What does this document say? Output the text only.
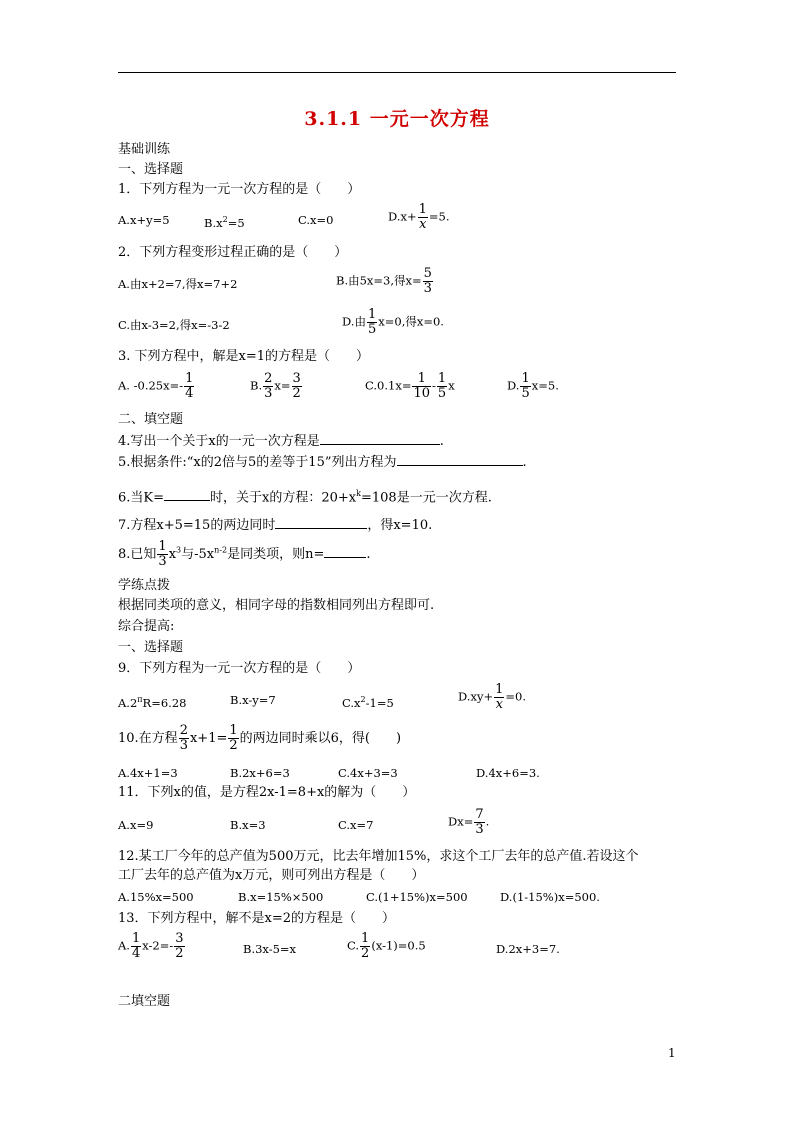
3.1.1 一元一次方程
基础训练
一、选择题
1．下列方程为一元一次方程的是（　　）
A.x+y=5	$B.x^2=5$	C.x=0	$D.x+ \frac{1}{x} =5$.
2．下列方程变形过程正确的是（　　）
A.由x+2=7,得x=7+2	B.由5x=3,得$x= \frac{5}{3}$
C.由x-3=2,得x=-3-2	D.由 $\frac{1}{5} x=0$,得x=0.
3. 下列方程中，解是x=1的方程是（　　）
A. $-0.25x=- \frac{1}{4}$	B. $\frac{2}{3} x= \frac{3}{2}$	$C.0.1x= \frac{1}{10} - \frac{1}{5}$ x	D. $\frac{1}{5} x=5$.
二、填空题
4.写出一个关于x的一元一次方程是	.
5.根据条件:“x的2倍与5的差等于15”列出方程为	.
6.当K=	时，关于x的方程：$20+x^k=108$是一元一次方程.
7.方程x+5=15的两边同时	，得x=10.
8.已知 $\frac{1}{3} x^3$与$-5x^{n-2}$是同类项，则n=	.
学练点拨
根据同类项的意义，相同字母的指数相同列出方程即可.
综合提高:
一、选择题
9．下列方程为一元一次方程的是（　　）
$A.2^\pi R=6.28$	B.x-y=7	$C.x^2-1=5$	$D.xy+ \frac{1}{x} =0$.
10.在方程 $\frac{2}{3} x+1= \frac{1}{2}$ 的两边同时乘以6，得(　　)
A.4x+1=3	B.2x+6=3	C.4x+3=3	D.4x+6=3.
11．下列x的值，是方程2x-1=8+x的解为（　　）
A.x=9	B.x=3	C.x=7	$Dx= \frac{7}{3}$ .
12.某工厂今年的总产值为500万元，比去年增加15%，求这个工厂去年的总产值.若设这个
工厂去年的总产值为x万元，则可列出方程是（　　）
A.15%x=500	B.x=15%×500	C.(1+15%)x=500	D.(1-15%)x=500.
13．下列方程中，解不是x=2的方程是（　　）
A. $\frac{1}{4} x-2=- \frac{3}{2}$	B.3x-5=x	C. $\frac{1}{2} (x-1)=0.5$	D.2x+3=7.
二填空题
1
